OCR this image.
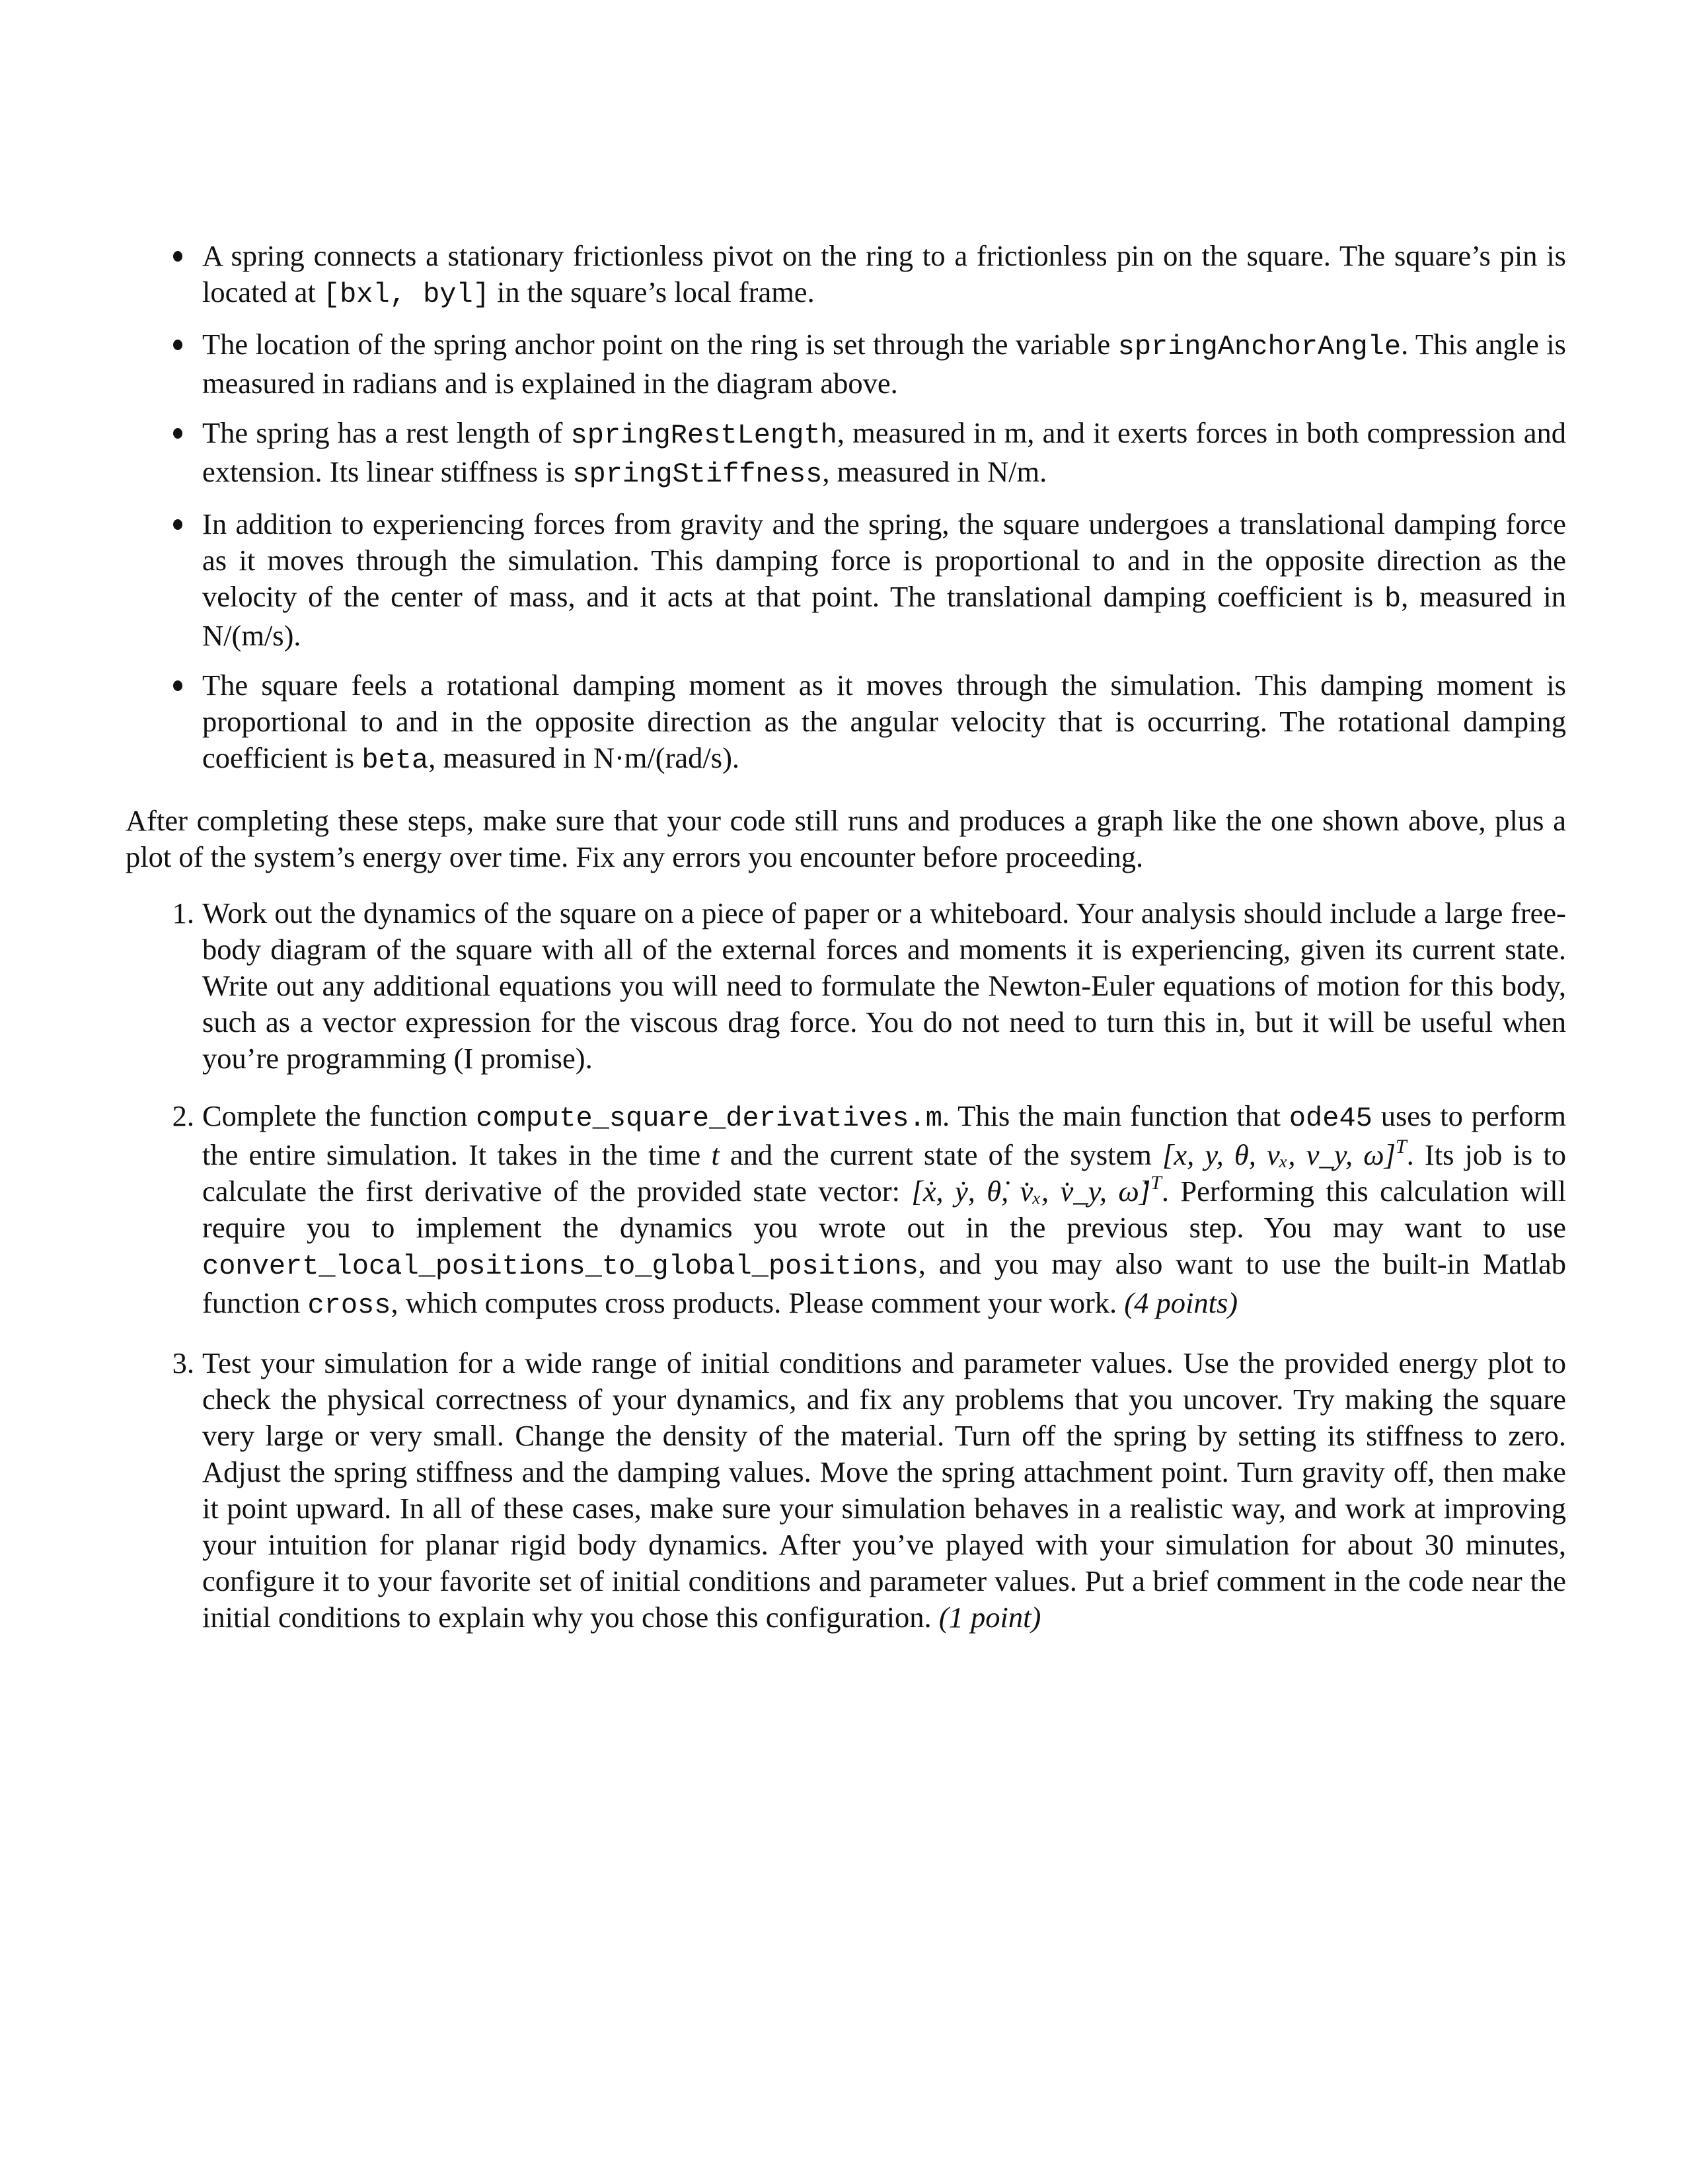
A spring connects a stationary frictionless pivot on the ring to a frictionless pin on the square. The square’s pin is located at [bxl, byl] in the square’s local frame.
The location of the spring anchor point on the ring is set through the variable springAnchorAngle. This angle is measured in radians and is explained in the diagram above.
The spring has a rest length of springRestLength, measured in m, and it exerts forces in both compression and extension. Its linear stiffness is springStiffness, measured in N/m.
In addition to experiencing forces from gravity and the spring, the square undergoes a translational damping force as it moves through the simulation. This damping force is proportional to and in the opposite direction as the velocity of the center of mass, and it acts at that point. The translational damping coefficient is b, measured in N/(m/s).
The square feels a rotational damping moment as it moves through the simulation. This damping moment is proportional to and in the opposite direction as the angular velocity that is occurring. The rotational damping coefficient is beta, measured in N·m/(rad/s).

After completing these steps, make sure that your code still runs and produces a graph like the one shown above, plus a plot of the system’s energy over time. Fix any errors you encounter before proceeding.

1. Work out the dynamics of the square on a piece of paper or a whiteboard. Your analysis should include a large free-body diagram of the square with all of the external forces and moments it is experiencing, given its current state. Write out any additional equations you will need to formulate the Newton-Euler equations of motion for this body, such as a vector expression for the viscous drag force. You do not need to turn this in, but it will be useful when you’re programming (I promise).
2. Complete the function compute_square_derivatives.m. This the main function that ode45 uses to perform the entire simulation. It takes in the time t and the current state of the system [x, y, θ, vₓ, v_y, ω]$^T$. Its job is to calculate the first derivative of the provided state vector: [ẋ, ẏ, θ̇, v̇ₓ, v̇_y, ω̇]$^T$. Performing this calculation will require you to implement the dynamics you wrote out in the previous step. You may want to use convert_local_positions_to_global_positions, and you may also want to use the built-in Matlab function cross, which computes cross products. Please comment your work. (4 points)
3. Test your simulation for a wide range of initial conditions and parameter values. Use the provided energy plot to check the physical correctness of your dynamics, and fix any problems that you uncover. Try making the square very large or very small. Change the density of the material. Turn off the spring by setting its stiffness to zero. Adjust the spring stiffness and the damping values. Move the spring attachment point. Turn gravity off, then make it point upward. In all of these cases, make sure your simulation behaves in a realistic way, and work at improving your intuition for planar rigid body dynamics. After you’ve played with your simulation for about 30 minutes, configure it to your favorite set of initial conditions and parameter values. Put a brief comment in the code near the initial conditions to explain why you chose this configuration. (1 point)
